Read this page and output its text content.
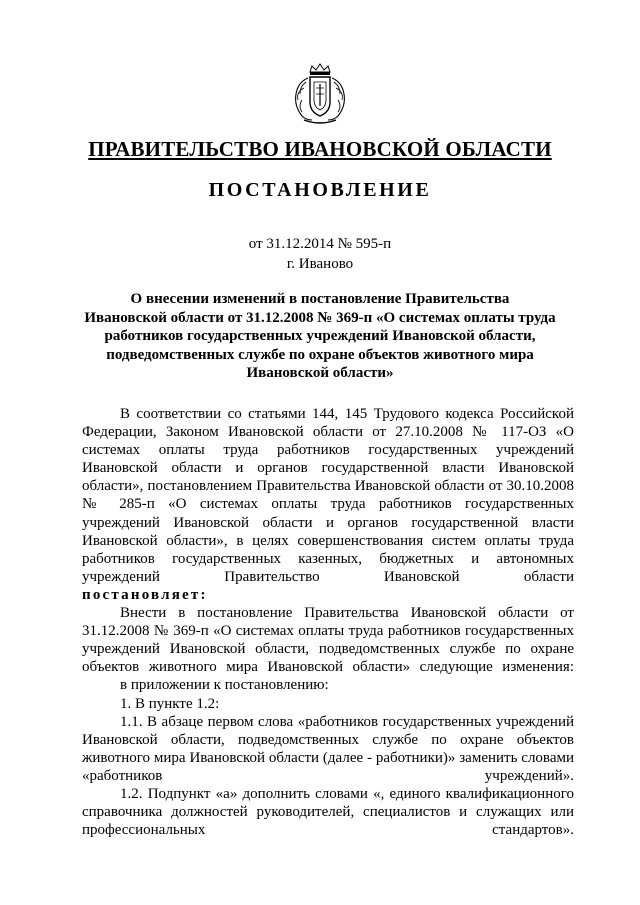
ПРАВИТЕЛЬСТВО ИВАНОВСКОЙ ОБЛАСТИ
ПОСТАНОВЛЕНИЕ
от 31.12.2014 № 595-п
г. Иваново
О внесении изменений в постановление Правительства
Ивановской области от 31.12.2008 № 369-п «О системах оплаты труда
работников государственных учреждений Ивановской области,
подведомственных службе по охране объектов животного мира
Ивановской области»

В соответствии со статьями 144, 145 Трудового кодекса Российской Федерации, Законом Ивановской области от 27.10.2008 № 117-ОЗ «О системах оплаты труда работников государственных учреждений Ивановской области и органов государственной власти Ивановской области», постановлением Правительства Ивановской области от 30.10.2008 № 285-п «О системах оплаты труда работников государственных учреждений Ивановской области и органов государственной власти Ивановской области», в целях совершенствования систем оплаты труда работников государственных казенных, бюджетных и автономных учреждений Правительство Ивановской области

постановляет:

Внести в постановление Правительства Ивановской области от 31.12.2008 № 369-п «О системах оплаты труда работников государственных учреждений Ивановской области, подведомственных службе по охране объектов животного мира Ивановской области» следующие изменения:

в приложении к постановлению:

1. В пункте 1.2:

1.1. В абзаце первом слова «работников государственных учреждений Ивановской области, подведомственных службе по охране объектов животного мира Ивановской области (далее - работники)» заменить словами «работников учреждений».

1.2. Подпункт «а» дополнить словами «, единого квалификационного справочника должностей руководителей, специалистов и служащих или профессиональных стандартов».
